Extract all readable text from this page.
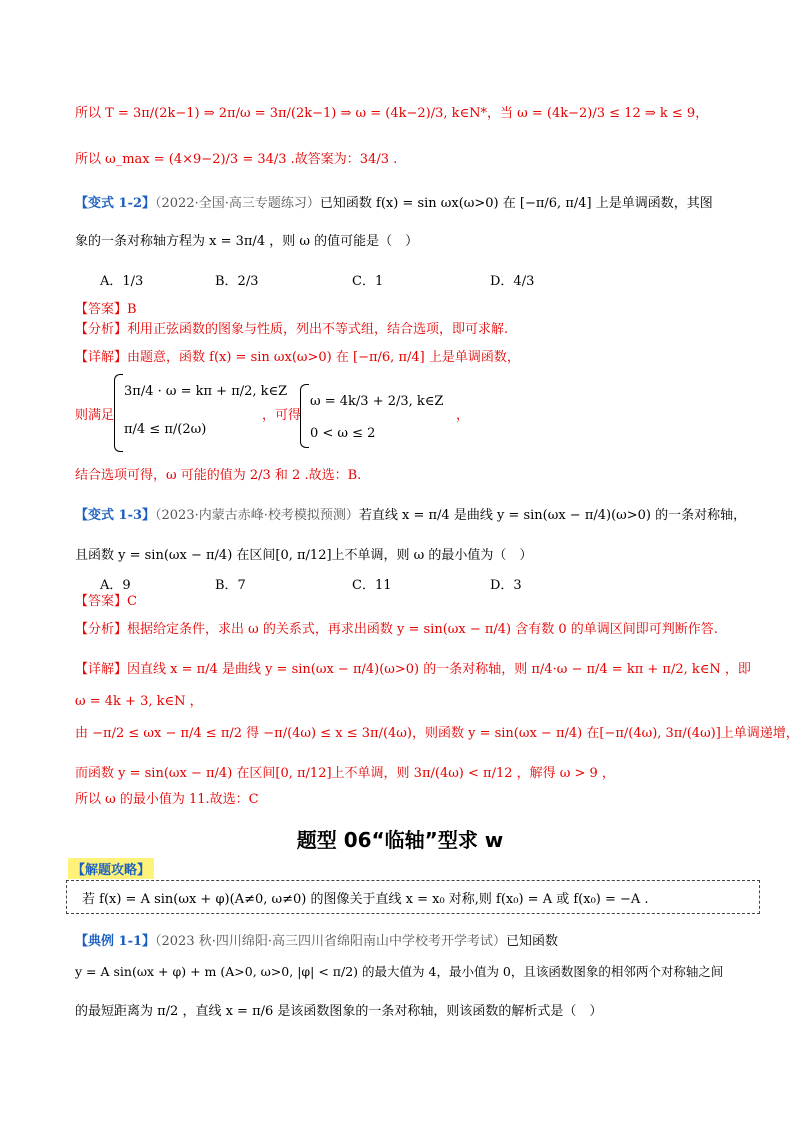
所以 T = 3π/(2k−1) ⇒ 2π/ω = 3π/(2k−1) ⇒ ω = (4k−2)/3, k∈N*，当 ω = (4k−2)/3 ≤ 12 ⇒ k ≤ 9，
所以 ω_max = (4×9−2)/3 = 34/3 .故答案为：34/3 .
【变式 1-2】（2022·全国·高三专题练习）已知函数 f(x) = sin ωx(ω>0) 在 [−π/6, π/4] 上是单调函数，其图
象的一条对称轴方程为 x = 3π/4 ，则 ω 的值可能是（　）
A．1/3	B．2/3	C．1	D．4/3
【答案】B
【分析】利用正弦函数的图象与性质，列出不等式组，结合选项，即可求解.
【详解】由题意，函数 f(x) = sin ωx(ω>0) 在 [−π/6, π/4] 上是单调函数，
则满足
3π/4 · ω = kπ + π/2, k∈Z
π/4 ≤ π/(2ω)
，可得
ω = 4k/3 + 2/3, k∈Z
0 < ω ≤ 2
，
结合选项可得，ω 可能的值为 2/3 和 2 .故选：B.
【变式 1-3】（2023·内蒙古赤峰·校考模拟预测）若直线 x = π/4 是曲线 y = sin(ωx − π/4)(ω>0) 的一条对称轴，
且函数 y = sin(ωx − π/4) 在区间[0, π/12]上不单调，则 ω 的最小值为（　）
A．9	B．7	C．11	D．3
【答案】C
【分析】根据给定条件，求出 ω 的关系式，再求出函数 y = sin(ωx − π/4) 含有数 0 的单调区间即可判断作答.
【详解】因直线 x = π/4 是曲线 y = sin(ωx − π/4)(ω>0) 的一条对称轴，则 π/4·ω − π/4 = kπ + π/2, k∈N ，即
ω = 4k + 3, k∈N ，
由 −π/2 ≤ ωx − π/4 ≤ π/2 得 −π/(4ω) ≤ x ≤ 3π/(4ω)，则函数 y = sin(ωx − π/4) 在[−π/(4ω), 3π/(4ω)]上单调递增，
而函数 y = sin(ωx − π/4) 在区间[0, π/12]上不单调，则 3π/(4ω) < π/12 ，解得 ω > 9 ，
所以 ω 的最小值为 11.故选：C
题型 06“临轴”型求 w
【解题攻略】
若 f(x) = A sin(ωx + φ)(A≠0, ω≠0) 的图像关于直线 x = x₀ 对称,则 f(x₀) = A 或 f(x₀) = −A .
【典例 1-1】（2023 秋·四川绵阳·高三四川省绵阳南山中学校考开学考试）已知函数
y = A sin(ωx + φ) + m (A>0, ω>0, |φ| < π/2) 的最大值为 4，最小值为 0，且该函数图象的相邻两个对称轴之间
的最短距离为 π/2 ，直线 x = π/6 是该函数图象的一条对称轴，则该函数的解析式是（　）
